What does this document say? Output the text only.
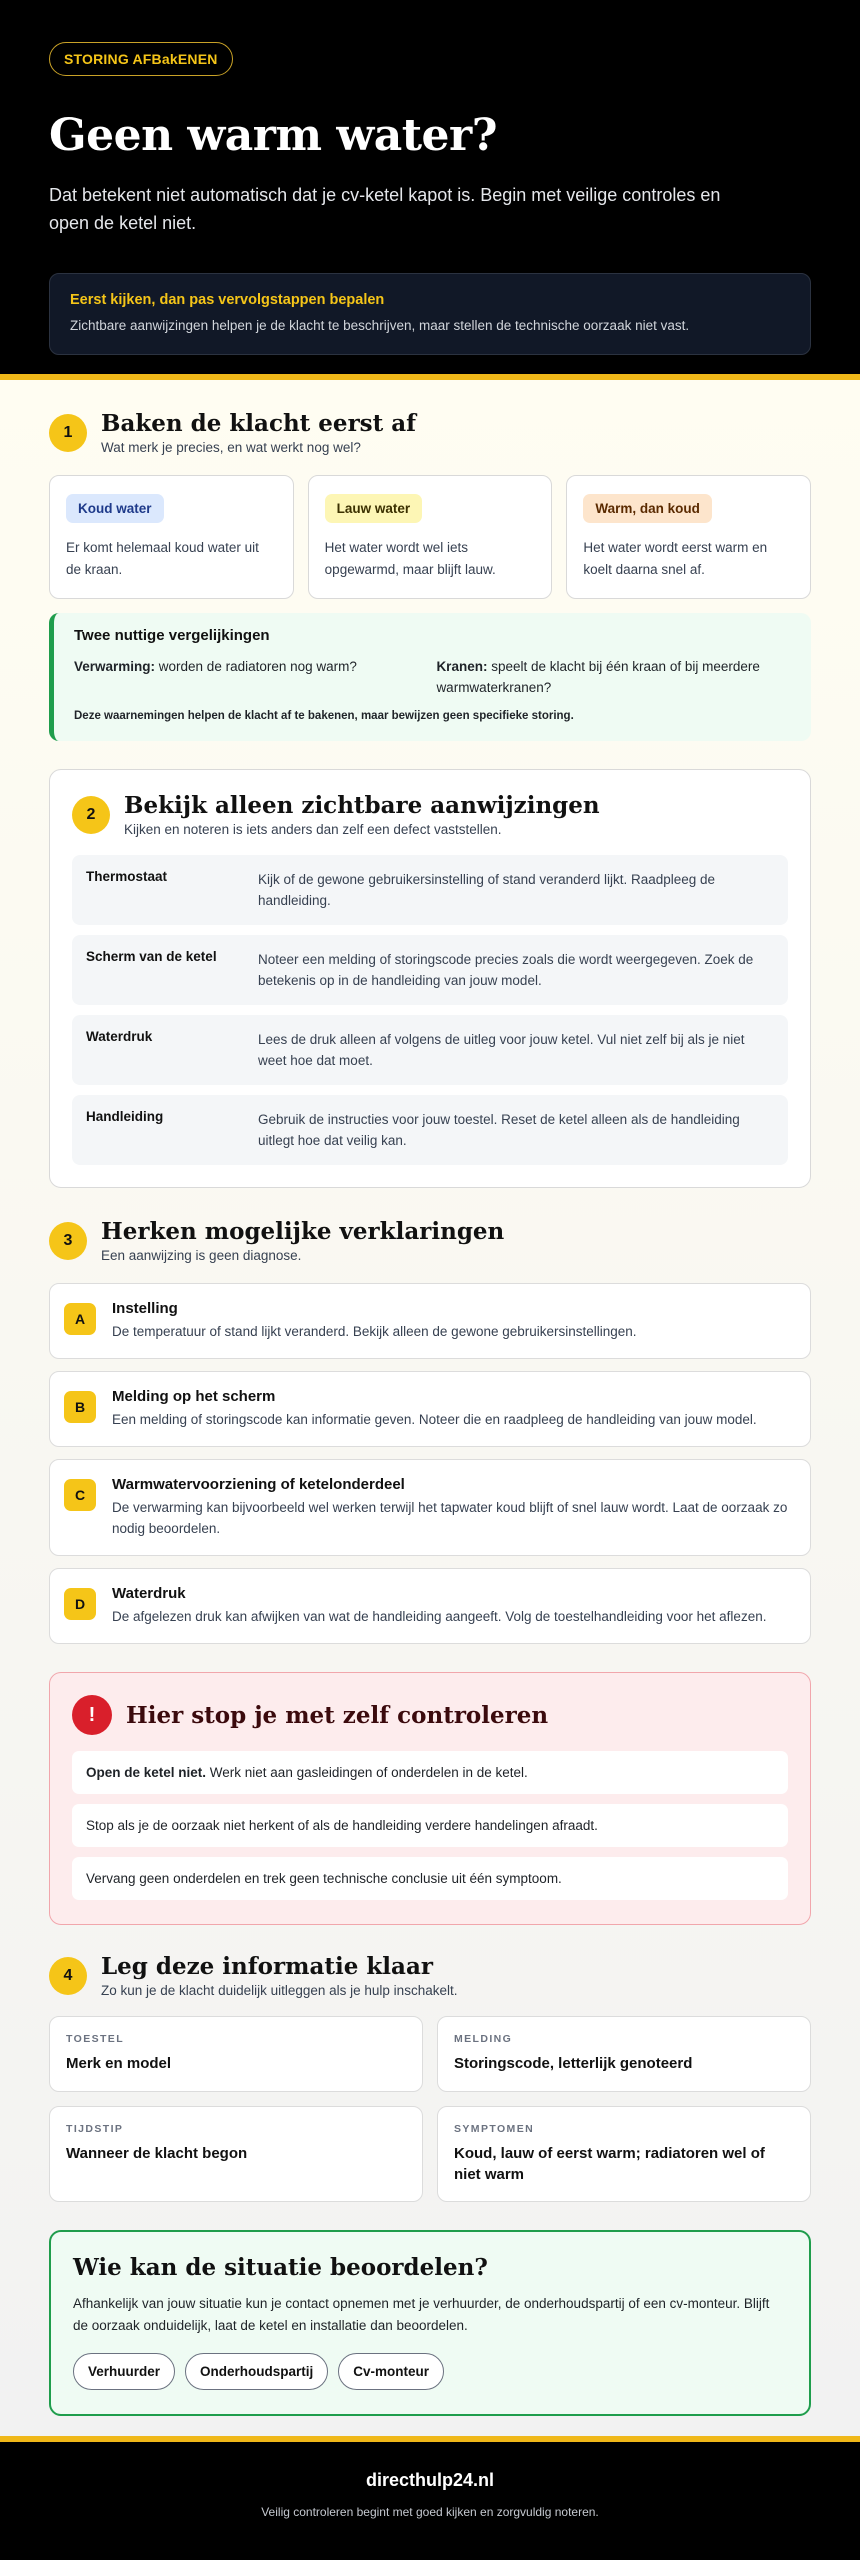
STORING AFBakENEN
Geen warm water?

Dat betekent niet automatisch dat je cv-ketel kapot is. Begin met veilige controles en open de ketel niet.

Eerst kijken, dan pas vervolgstappen bepalen
Zichtbare aanwijzingen helpen je de klacht te beschrijven, maar stellen de technische oorzaak niet vast.
1	Baken de klacht eerst af
Wat merk je precies, en wat werkt nog wel?
Koud water
Er komt helemaal koud water uit de kraan.
Lauw water
Het water wordt wel iets opgewarmd, maar blijft lauw.
Warm, dan koud
Het water wordt eerst warm en koelt daarna snel af.
Twee nuttige vergelijkingen
Verwarming: worden de radiatoren nog warm?	Kranen: speelt de klacht bij één kraan of bij meerdere warmwaterkranen?
Deze waarnemingen helpen de klacht af te bakenen, maar bewijzen geen specifieke storing.
2	Bekijk alleen zichtbare aanwijzingen
Kijken en noteren is iets anders dan zelf een defect vaststellen.
Thermostaat	Kijk of de gewone gebruikersinstelling of stand veranderd lijkt. Raadpleeg de handleiding.
Scherm van de ketel	Noteer een melding of storingscode precies zoals die wordt weergegeven. Zoek de betekenis op in de handleiding van jouw model.
Waterdruk	Lees de druk alleen af volgens de uitleg voor jouw ketel. Vul niet zelf bij als je niet weet hoe dat moet.
Handleiding	Gebruik de instructies voor jouw toestel. Reset de ketel alleen als de handleiding uitlegt hoe dat veilig kan.
3	Herken mogelijke verklaringen
Een aanwijzing is geen diagnose.
A
Instelling
De temperatuur of stand lijkt veranderd. Bekijk alleen de gewone gebruikersinstellingen.
B
Melding op het scherm
Een melding of storingscode kan informatie geven. Noteer die en raadpleeg de handleiding van jouw model.
C
Warmwatervoorziening of ketelonderdeel
De verwarming kan bijvoorbeeld wel werken terwijl het tapwater koud blijft of snel lauw wordt. Laat de oorzaak zo nodig beoordelen.
D
Waterdruk
De afgelezen druk kan afwijken van wat de handleiding aangeeft. Volg de toestelhandleiding voor het aflezen.
!	Hier stop je met zelf controleren
Open de ketel niet. Werk niet aan gasleidingen of onderdelen in de ketel.
Stop als je de oorzaak niet herkent of als de handleiding verdere handelingen afraadt.
Vervang geen onderdelen en trek geen technische conclusie uit één symptoom.
4	Leg deze informatie klaar
Zo kun je de klacht duidelijk uitleggen als je hulp inschakelt.
TOESTEL
Merk en model
MELDING
Storingscode, letterlijk genoteerd
TIJDSTIP
Wanneer de klacht begon
SYMPTOMEN
Koud, lauw of eerst warm; radiatoren wel of niet warm
Wie kan de situatie beoordelen?

Afhankelijk van jouw situatie kun je contact opnemen met je verhuurder, de onderhoudspartij of een cv-monteur. Blijft de oorzaak onduidelijk, laat de ketel en installatie dan beoordelen.

Verhuurder	Onderhoudspartij	Cv-monteur
directhulp24.nl
Veilig controleren begint met goed kijken en zorgvuldig noteren.
